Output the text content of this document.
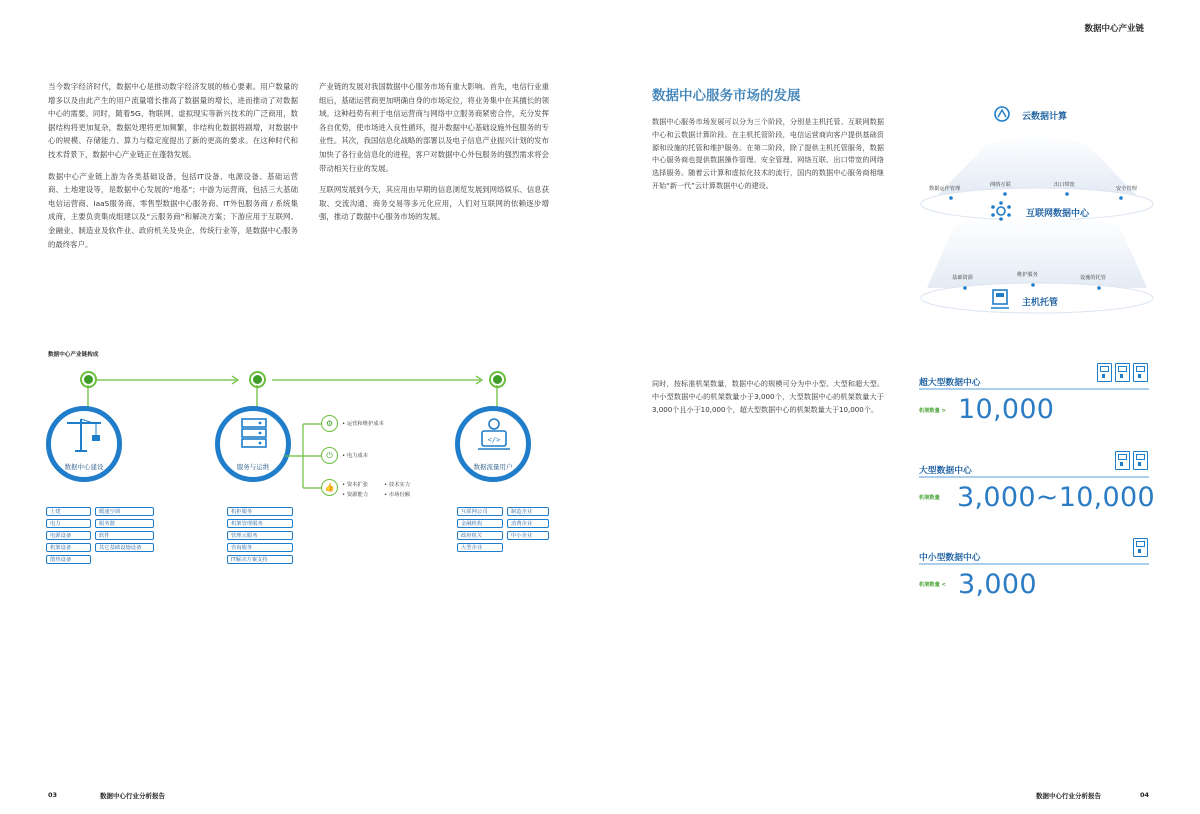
数据中心产业链
当今数字经济时代，数据中心是推动数字经济发展的核心要素。用户数量的增多以及由此产生的用户流量增长推高了数据量的增长，进而推动了对数据中心的需要。同时，随着5G、物联网、虚拟现实等新兴技术的广泛商用，数据结构将更加复杂，数据处理将更加频繁，非结构化数据将剧增，对数据中心的规模、存储能力、算力与稳定度提出了新的更高的要求。在这种时代和技术背景下，数据中心产业链正在蓬勃发展。
数据中心产业链上游为各类基础设备，包括IT设备、电源设备、基础运营商、土地建设等，是数据中心发展的“地基”；中游为运营商，包括三大基础电信运营商、IaaS服务商、零售型数据中心服务商、IT外包服务商 / 系统集成商，主要负责集成组建以及“云服务商”和解决方案；下游应用于互联网、金融业、制造业及软件业、政府机关及央企、传统行业等，是数据中心服务的最终客户。
产业链的发展对我国数据中心服务市场有重大影响。首先，电信行业重组后，基础运营商更加明确自身的市场定位，将业务集中在其擅长的领域。这种趋势有利于电信运营商与网络中立服务商紧密合作，充分发挥各自优势，使市场进入良性循环，提升数据中心基础设施外包服务的专业性。其次，我国信息化战略的部署以及电子信息产业振兴计划的发布加快了各行业信息化的进程，客户对数据中心外包服务的强烈需求将会带动相关行业的发展。
互联网发展到今天，其应用由早期的信息浏览发展到网络娱乐、信息获取、交流沟通、商务交易等多元化应用，人们对互联网的依赖逐步增强，推动了数据中心服务市场的发展。
数据中心产业链构成
数据中心建设	服务与运维
</>
数据流量用户
⚙
⏻
👍
• 运营和维护成本
• 电力成本
• 资本扩张	• 技术实力
• 资源能力	• 市场份额
土建	暖通空调
电力	服务器
电源设备	软件
机架设备	其它基础设施设备
散热设备
机柜服务
机架管理服务
管理云服务
咨询服务
IT解决方案支持
互联网公司	制造企业
金融机构	消费企业
政府机关	中小企业
大型企业
数据中心服务市场的发展
数据中心服务市场发展可以分为三个阶段，分别是主机托管、互联网数据中心和云数据计算阶段。在主机托管阶段，电信运营商向客户提供基础资源和设施的托管和维护服务。在第二阶段，除了提供主机托管服务，数据中心服务商也提供数据操作管理、安全管理、网络互联、出口带宽的网络选择服务。随着云计算和虚拟化技术的流行，国内的数据中心服务商相继开始“新一代”云计算数据中心的建设。
同时，按标准机架数量，数据中心的规模可分为中小型、大型和超大型。中小型数据中心的机架数量小于3,000个，大型数据中心的机架数量大于3,000个且小于10,000个，超大型数据中心的机架数量大于10,000个。
云数据计算
互联网数据中心
主机托管
数据运作管理
网络互联	出口带宽
安全管理
基础资源	维护服务	设施的托管
超大型数据中心
机架数量 > 10,000
大型数据中心
机架数量 3,000~10,000
中小型数据中心
机架数量 < 3,000
03	数据中心行业分析报告	数据中心行业分析报告	04
